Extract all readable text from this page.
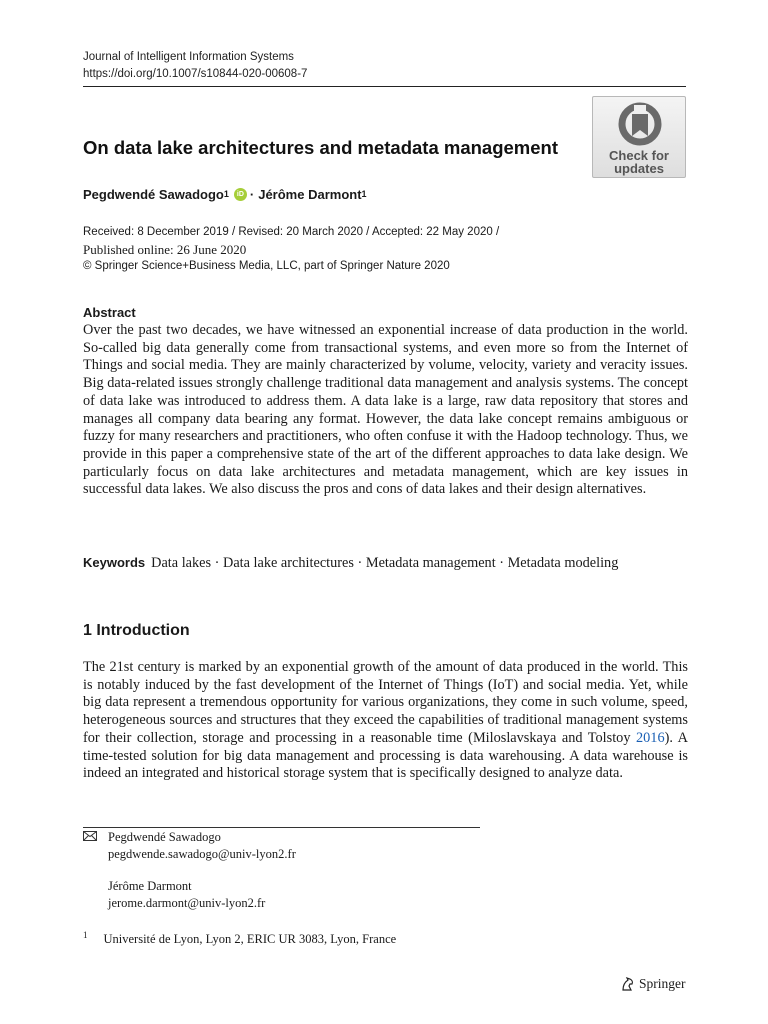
Journal of Intelligent Information Systems
https://doi.org/10.1007/s10844-020-00608-7
Check for
updates
On data lake architectures and metadata management
Pegdwendé Sawadogo$^1$	iD · Jérôme Darmont$^1$
Received: 8 December 2019 / Revised: 20 March 2020 / Accepted: 22 May 2020 /
Published online: 26 June 2020
© Springer Science+Business Media, LLC, part of Springer Nature 2020
Abstract
Over the past two decades, we have witnessed an exponential increase of data production in the world. So-called big data generally come from transactional systems, and even more so from the Internet of Things and social media. They are mainly characterized by volume, velocity, variety and veracity issues. Big data-related issues strongly challenge traditional data management and analysis systems. The concept of data lake was introduced to address them. A data lake is a large, raw data repository that stores and manages all company data bearing any format. However, the data lake concept remains ambiguous or fuzzy for many researchers and practitioners, who often confuse it with the Hadoop technology. Thus, we provide in this paper a comprehensive state of the art of the different approaches to data lake design. We particularly focus on data lake architectures and metadata management, which are key issues in successful data lakes. We also discuss the pros and cons of data lakes and their design alternatives.
Keywords Data lakes · Data lake architectures · Metadata management · Metadata modeling
1 Introduction
The 21st century is marked by an exponential growth of the amount of data produced in the world. This is notably induced by the fast development of the Internet of Things (IoT) and social media. Yet, while big data represent a tremendous opportunity for various organizations, they come in such volume, speed, heterogeneous sources and structures that they exceed the capabilities of traditional management systems for their collection, storage and processing in a reasonable time (Miloslavskaya and Tolstoy 2016). A time-tested solution for big data management and processing is data warehousing. A data warehouse is indeed an integrated and historical storage system that is specifically designed to analyze data.
Pegdwendé Sawadogo
pegdwende.sawadogo@univ-lyon2.fr
Jérôme Darmont
jerome.darmont@univ-lyon2.fr
$^1$ Université de Lyon, Lyon 2, ERIC UR 3083, Lyon, France
Springer
